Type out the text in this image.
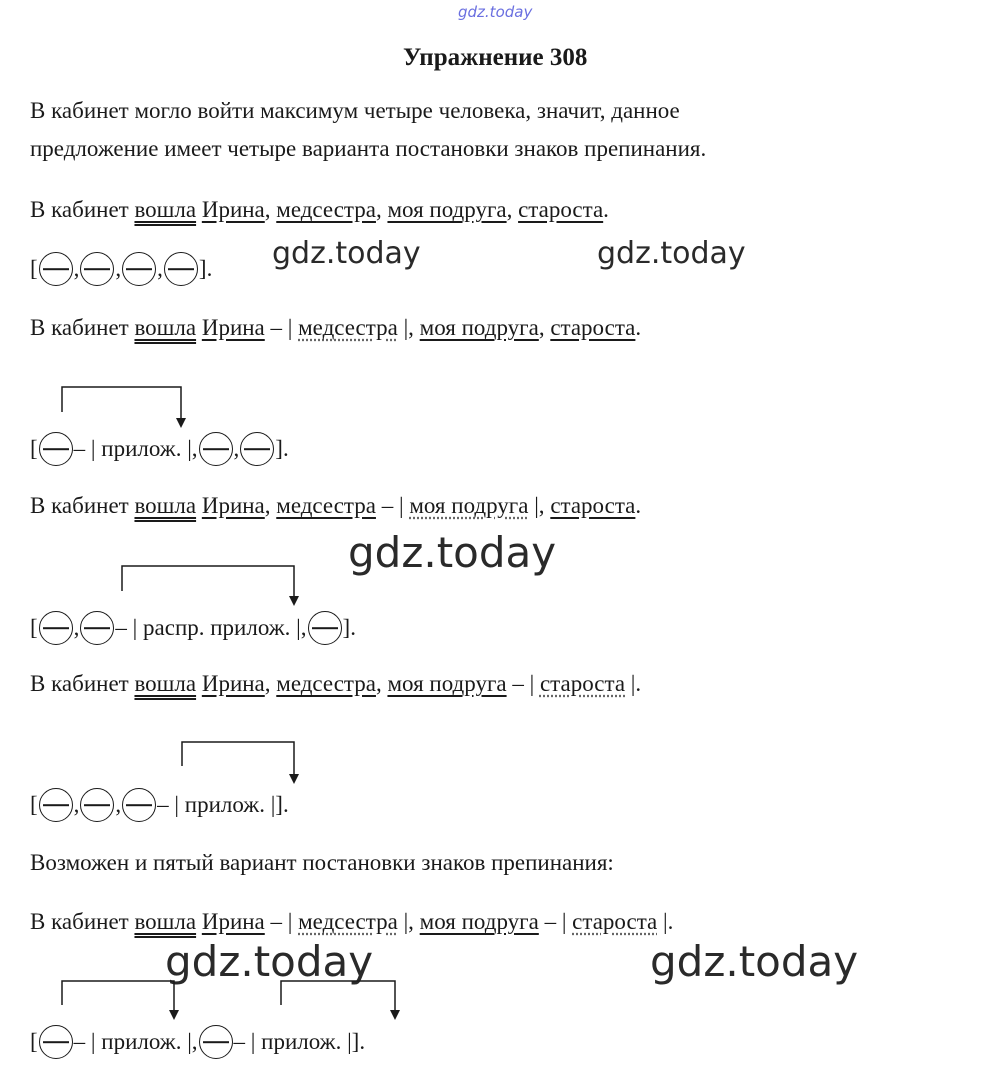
gdz.today
Упражнение 308
В кабинет могло войти максимум четыре человека, значит, данное
предложение имеет четыре варианта постановки знаков препинания.
В кабинет вошла Ирина, медсестра, моя подруга, староста.
[ , , , ]. gdz.today	gdz.today
В кабинет вошла Ирина – | медсестра |, моя подруга, староста.
[ – | прилож. |, , ].
В кабинет вошла Ирина, медсестра – | моя подруга |, староста.
gdz.today
[ , – | распр. прилож. |, ].
В кабинет вошла Ирина, медсестра, моя подруга – | староста |.
[ , , – | прилож. |].
Возможен и пятый вариант постановки знаков препинания:
В кабинет вошла Ирина – | медсестра |, моя подруга – | староста |.
gdz.today	gdz.today
[ – | прилож. |, – | прилож. |].
